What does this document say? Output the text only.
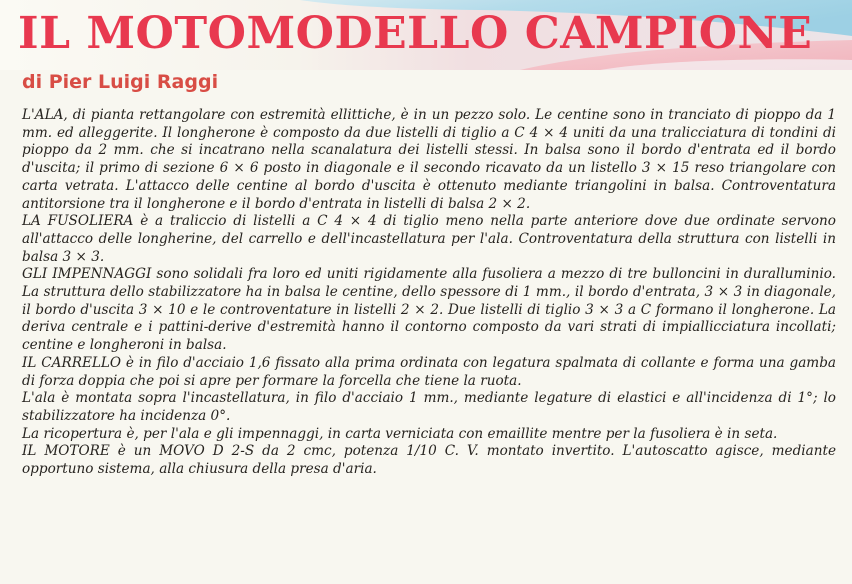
IL MOTOMODELLO CAMPIONE
di Pier Luigi Raggi

L'ALA, di pianta rettangolare con estremità ellittiche, è in un pezzo solo. Le centine sono in tranciato di pioppo da 1 mm. ed alleggerite. Il longherone è composto da due listelli di tiglio a C 4 × 4 uniti da una tralicciatura di tondini di pioppo da 2 mm. che si incatrano nella scanalatura dei listelli stessi. In balsa sono il bordo d'entrata ed il bordo d'uscita; il primo di sezione 6 × 6 posto in diagonale e il secondo ricavato da un listello 3 × 15 reso triangolare con carta vetrata. L'attacco delle centine al bordo d'uscita è ottenuto mediante triangolini in balsa. Controventatura antitorsione tra il longherone e il bordo d'entrata in listelli di balsa 2 × 2.

LA FUSOLIERA è a traliccio di listelli a C 4 × 4 di tiglio meno nella parte anteriore dove due ordinate servono all'attacco delle longherine, del carrello e dell'incastellatura per l'ala. Controventatura della struttura con listelli in balsa 3 × 3.

GLI IMPENNAGGI sono solidali fra loro ed uniti rigidamente alla fusoliera a mezzo di tre bulloncini in duralluminio. La struttura dello stabilizzatore ha in balsa le centine, dello spessore di 1 mm., il bordo d'entrata, 3 × 3 in diagonale, il bordo d'uscita 3 × 10 e le controventature in listelli 2 × 2. Due listelli di tiglio 3 × 3 a C formano il longherone. La deriva centrale e i pattini-derive d'estremità hanno il contorno composto da vari strati di impiallicciatura incollati; centine e longheroni in balsa.

IL CARRELLO è in filo d'acciaio 1,6 fissato alla prima ordinata con legatura spalmata di collante e forma una gamba di forza doppia che poi si apre per formare la forcella che tiene la ruota.

L'ala è montata sopra l'incastellatura, in filo d'acciaio 1 mm., mediante legature di elastici e all'incidenza di 1°; lo stabilizzatore ha incidenza 0°.

La ricopertura è, per l'ala e gli impennaggi, in carta verniciata con emaillite mentre per la fusoliera è in seta.

IL MOTORE è un MOVO D 2-S da 2 cmc, potenza 1/10 C. V. montato invertito. L'autoscatto agisce, mediante opportuno sistema, alla chiusura della presa d'aria.
